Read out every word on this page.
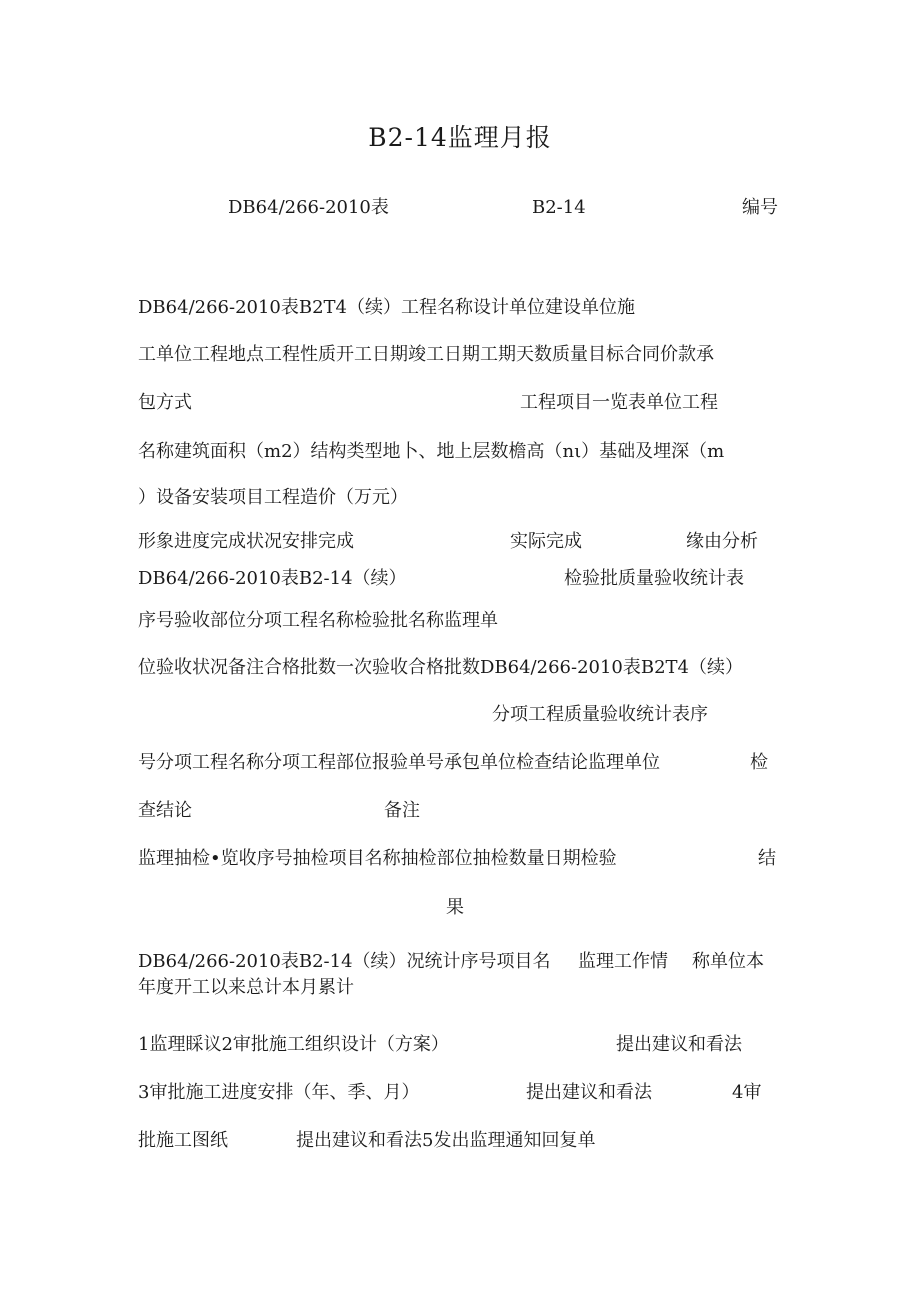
B2-14监理月报
DB64/266-2010表	B2-14	编号
DB64/266-2010表B2T4（续）工程名称设计单位建设单位施
工单位工程地点工程性质开工日期竣工日期工期天数质量目标合同价款承
包方式	工程项目一览表单位工程
名称建筑面积（m2）结构类型地卜、地上层数檐高（nι）基础及埋深（m
）设备安装项目工程造价（万元）
形象进度完成状况安排完成	实际完成	缘由分析
DB64/266-2010表B2-14（续）	检验批质量验收统计表
序号验收部位分项工程名称检验批名称监理单
位验收状况备注合格批数一次验收合格批数DB64/266-2010表B2T4（续）
分项工程质量验收统计表序
号分项工程名称分项工程部位报验单号承包单位检查结论监理单位	检
查结论	备注
监理抽检•览收序号抽检项目名称抽检部位抽检数量日期检验	结
果
DB64/266-2010表B2-14（续）况统计序号项目名 监理工作情 称单位本
年度开工以来总计本月累计
1监理睬议2审批施工组织设计（方案）	提出建议和看法
3审批施工进度安排（年、季、月）	提出建议和看法	4审
批施工图纸	提出建议和看法5发出监理通知回复单
